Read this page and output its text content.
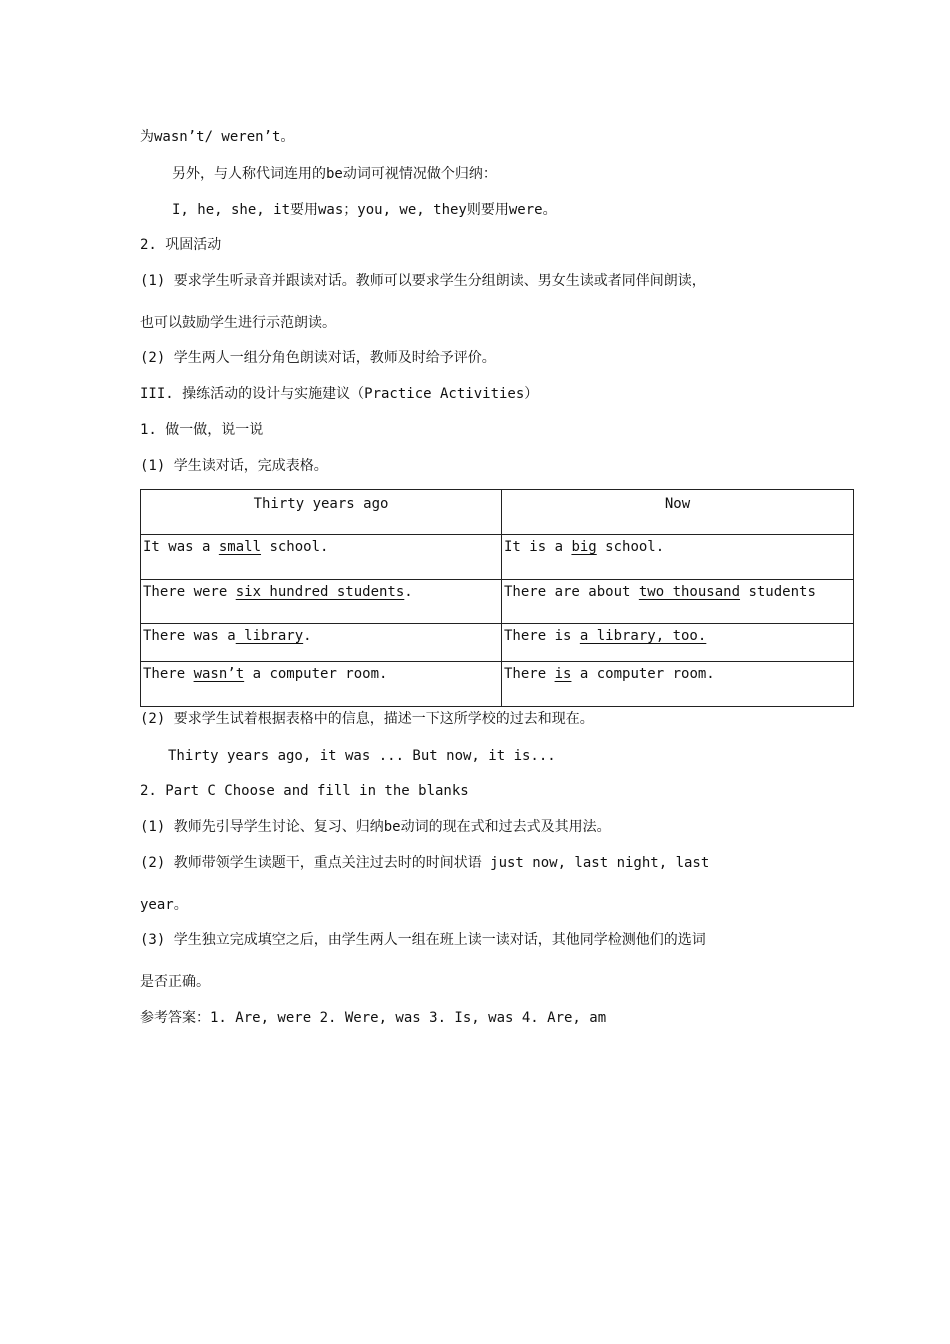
为wasn’t/ weren’t。
另外，与人称代词连用的be动词可视情况做个归纳：
I, he, she, it要用was；you, we, they则要用were。
2. 巩固活动
(1) 要求学生听录音并跟读对话。教师可以要求学生分组朗读、男女生读或者同伴间朗读，
也可以鼓励学生进行示范朗读。
(2) 学生两人一组分角色朗读对话，教师及时给予评价。
III. 操练活动的设计与实施建议（Practice Activities）
1. 做一做，说一说
(1) 学生读对话，完成表格。
Thirty years ago	Now
It was a small school.	It is a big school.
There were six hundred students.	There are about two thousand students
There was a library.	There is a library, too.
There wasn’t a computer room.	There is a computer room.
(2) 要求学生试着根据表格中的信息，描述一下这所学校的过去和现在。
Thirty years ago, it was ... But now, it is...
2. Part C Choose and fill in the blanks
(1) 教师先引导学生讨论、复习、归纳be动词的现在式和过去式及其用法。
(2) 教师带领学生读题干，重点关注过去时的时间状语 just now, last night, last
year。
(3) 学生独立完成填空之后，由学生两人一组在班上读一读对话，其他同学检测他们的选词
是否正确。
参考答案：1. Are, were 2. Were, was 3. Is, was 4. Are, am
